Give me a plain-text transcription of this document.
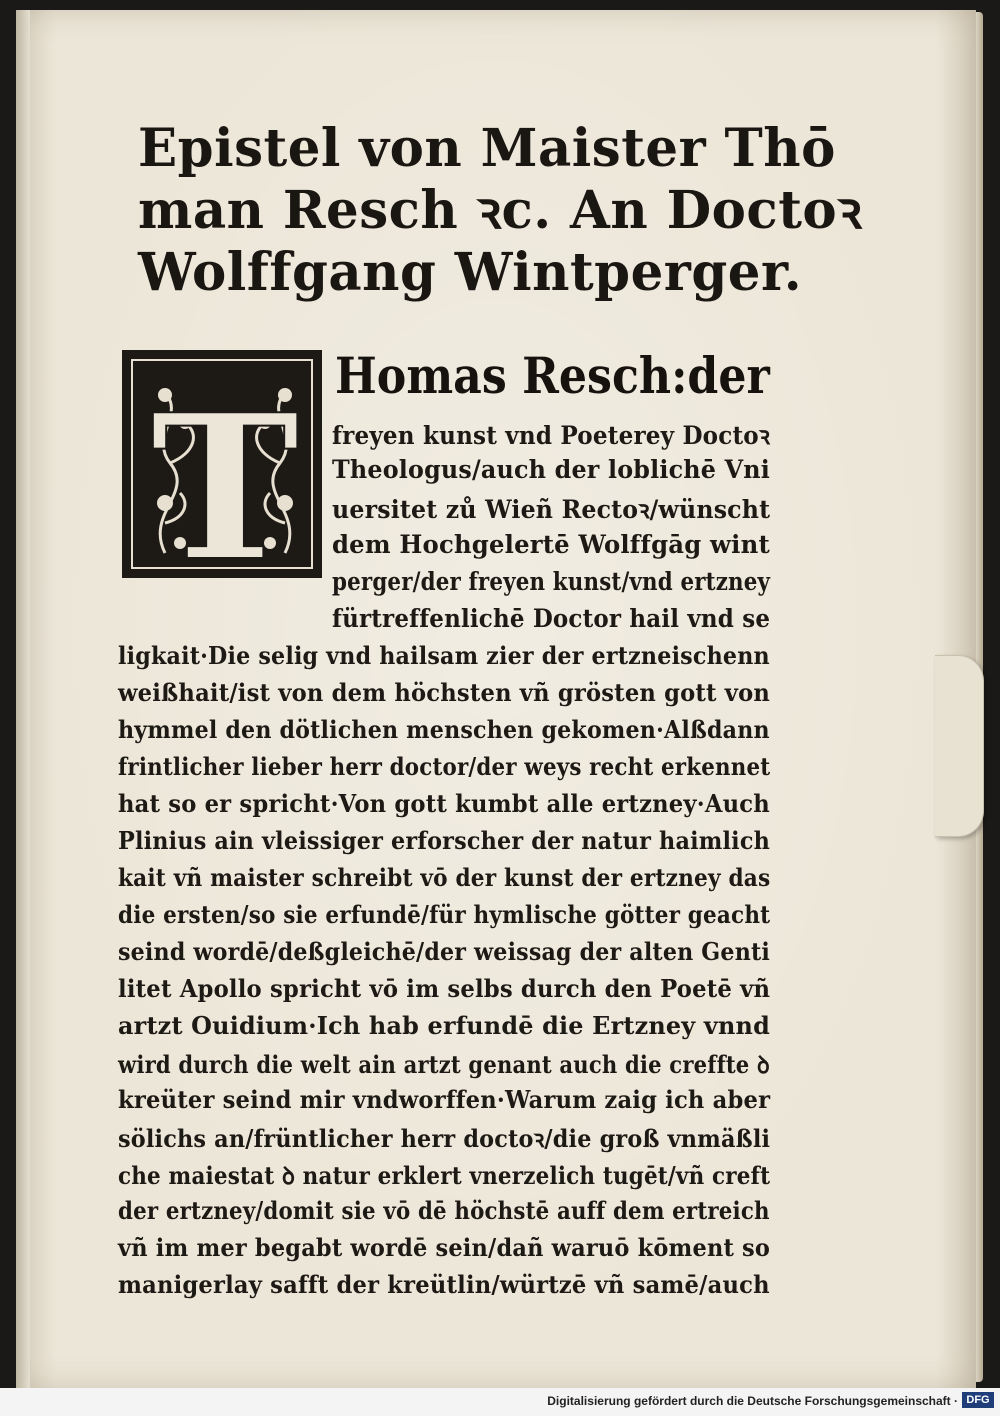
Epistel von Maister Thō
man Resch ꝛc. An Doctoꝛ
Wolffgang Wintperger.
T Homas Resch:der
freyen kunst vnd Poeterey Doctoꝛ
Theologus/auch der loblichē Vni
uersitet zů Wieñ Rectoꝛ/wünscht
dem Hochgelertē Wolffgāg wint
perger/der freyen kunst/vnd ertzney
fürtreffenlichē Doctor hail vnd se
ligkait·Die selig vnd hailsam zier der ertzneischenn
weißhait/ist von dem höchsten vñ grösten gott von
hymmel den dötlichen menschen gekomen·Alßdann
frintlicher lieber herr doctor/der weys recht erkennet
hat so er spricht·Von gott kumbt alle ertzney·Auch
Plinius ain vleissiger erforscher der natur haimlich
kait vñ maister schreibt vō der kunst der ertzney das
die ersten/so sie erfundē/für hymlische götter geacht
seind wordē/deßgleichē/der weissag der alten Genti
litet Apollo spricht vō im selbs durch den Poetē vñ
artzt Ouidium·Ich hab erfundē die Ertzney vnnd
wird durch die welt ain artzt genant auch die creffte ꝺ
kreüter seind mir vndworffen·Warum zaig ich aber
sölichs an/früntlicher herr doctoꝛ/die groß vnmäßli
che maiestat ꝺ natur erklert vnerzelich tugēt/vñ creft
der ertzney/domit sie vō dē höchstē auff dem ertreich
vñ im mer begabt wordē sein/dañ waruō kōment so
manigerlay safft der kreütlin/würtzē vñ samē/auch
Digitalisierung gefördert durch die Deutsche Forschungsgemeinschaft · DFG
